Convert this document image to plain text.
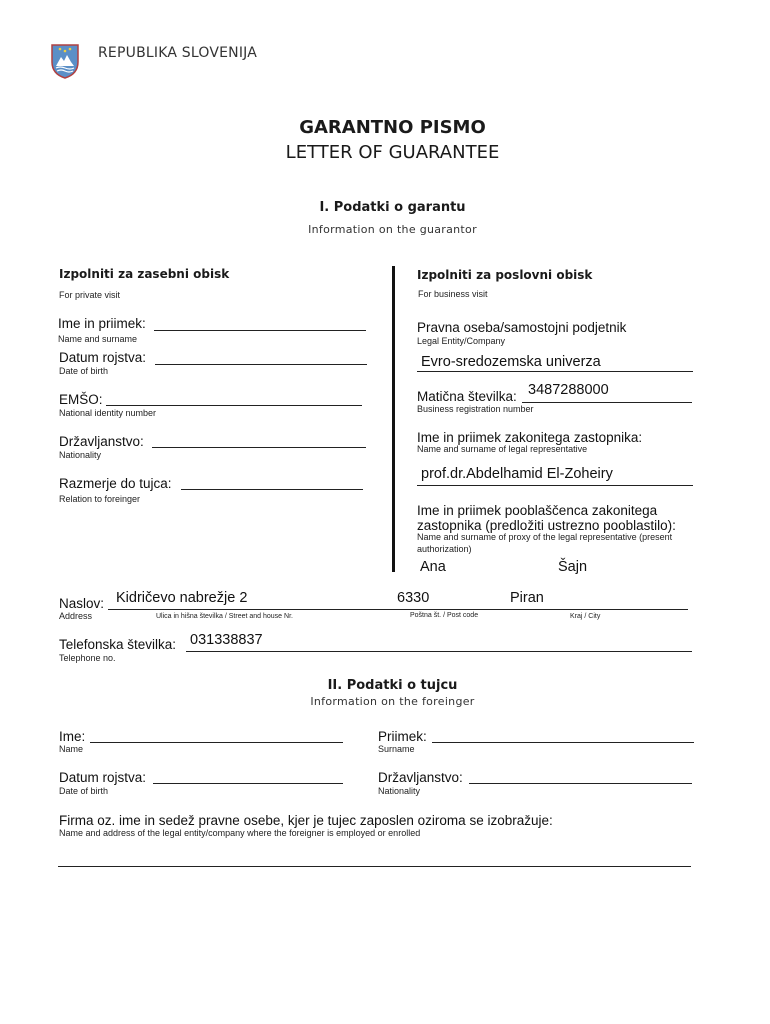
REPUBLIKA SLOVENIJA
GARANTNO PISMO
LETTER OF GUARANTEE
I. Podatki o garantu
Information on the guarantor
Izpolniti za zasebni obisk
For private visit
Ime in priimek:
Name and surname
Datum rojstva:
Date of birth
EMŠO:
National identity number
Državljanstvo:
Nationality
Razmerje do tujca:
Relation to foreinger
Izpolniti za poslovni obisk
For business visit
Pravna oseba/samostojni podjetnik
Legal Entity/Company
Evro-sredozemska univerza
Matična številka: 3487288000
Business registration number
Ime in priimek zakonitega zastopnika:
Name and surname of legal representative
prof.dr.Abdelhamid El-Zoheiry
Ime in priimek pooblaščenca zakonitega
zastopnika (predložiti ustrezno pooblastilo):
Name and surname of proxy of the legal representative (present
authorization)
Ana	Šajn
Naslov: Kidričevo nabrežje 2	6330	Piran
Address	Ulica in hišna številka / Street and house Nr.	Poštna št. / Post code	Kraj / City
Telefonska številka: 031338837
Telephone no.
II. Podatki o tujcu
Information on the foreinger
Ime:
Name
Priimek:
Surname
Datum rojstva:
Date of birth
Državljanstvo:
Nationality
Firma oz. ime in sedež pravne osebe, kjer je tujec zaposlen oziroma se izobražuje:
Name and address of the legal entity/company where the foreigner is employed or enrolled
